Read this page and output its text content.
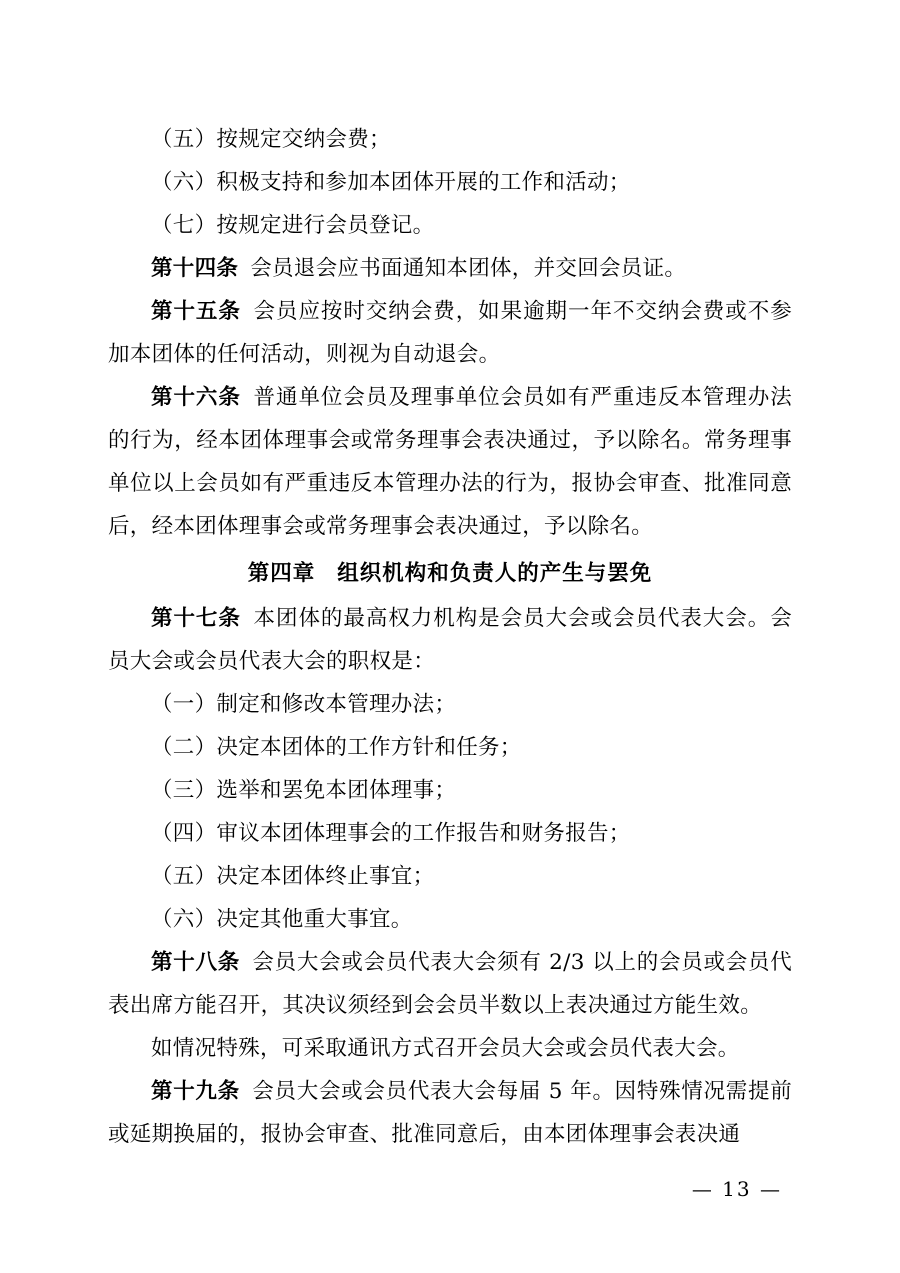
（五）按规定交纳会费；

（六）积极支持和参加本团体开展的工作和活动；

（七）按规定进行会员登记。

第十四条 会员退会应书面通知本团体，并交回会员证。

第十五条 会员应按时交纳会费，如果逾期一年不交纳会费或不参加本团体的任何活动，则视为自动退会。

第十六条 普通单位会员及理事单位会员如有严重违反本管理办法的行为，经本团体理事会或常务理事会表决通过，予以除名。常务理事单位以上会员如有严重违反本管理办法的行为，报协会审查、批准同意后，经本团体理事会或常务理事会表决通过，予以除名。

第四章 组织机构和负责人的产生与罢免

第十七条 本团体的最高权力机构是会员大会或会员代表大会。会员大会或会员代表大会的职权是：

（一）制定和修改本管理办法；

（二）决定本团体的工作方针和任务；

（三）选举和罢免本团体理事；

（四）审议本团体理事会的工作报告和财务报告；

（五）决定本团体终止事宜；

（六）决定其他重大事宜。

第十八条 会员大会或会员代表大会须有 2/3 以上的会员或会员代表出席方能召开，其决议须经到会会员半数以上表决通过方能生效。

如情况特殊，可采取通讯方式召开会员大会或会员代表大会。

第十九条 会员大会或会员代表大会每届 5 年。因特殊情况需提前或延期换届的，报协会审查、批准同意后，由本团体理事会表决通

— 13 —
